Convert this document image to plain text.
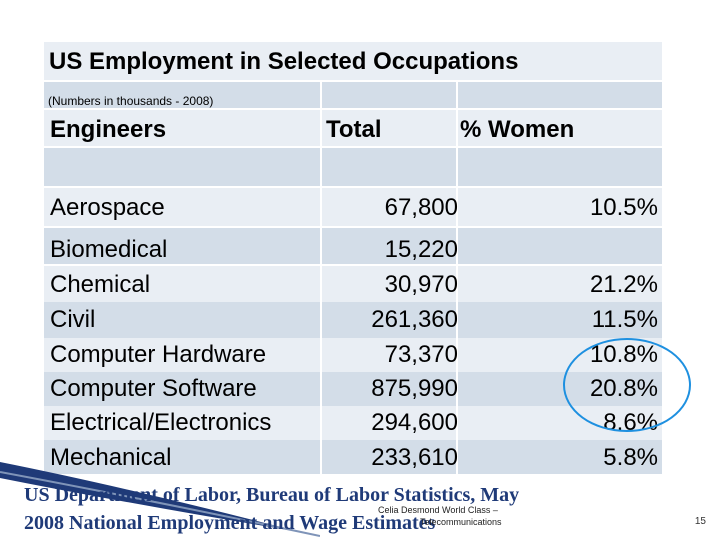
US Employment in Selected Occupations
(Numbers in thousands - 2008)
Engineers	Total	% Women
Aerospace	67,800	10.5%
Biomedical	15,220
Chemical	30,970	21.2%
Civil	261,360	11.5%
Computer Hardware	73,370	10.8%
Computer Software	875,990	20.8%
Electrical/Electronics	294,600	8.6%
Mechanical	233,610	5.8%
US Department of Labor, Bureau of Labor Statistics, May
2008 National Employment and Wage Estimates
Celia Desmond World Class –
Telecommunications	15
